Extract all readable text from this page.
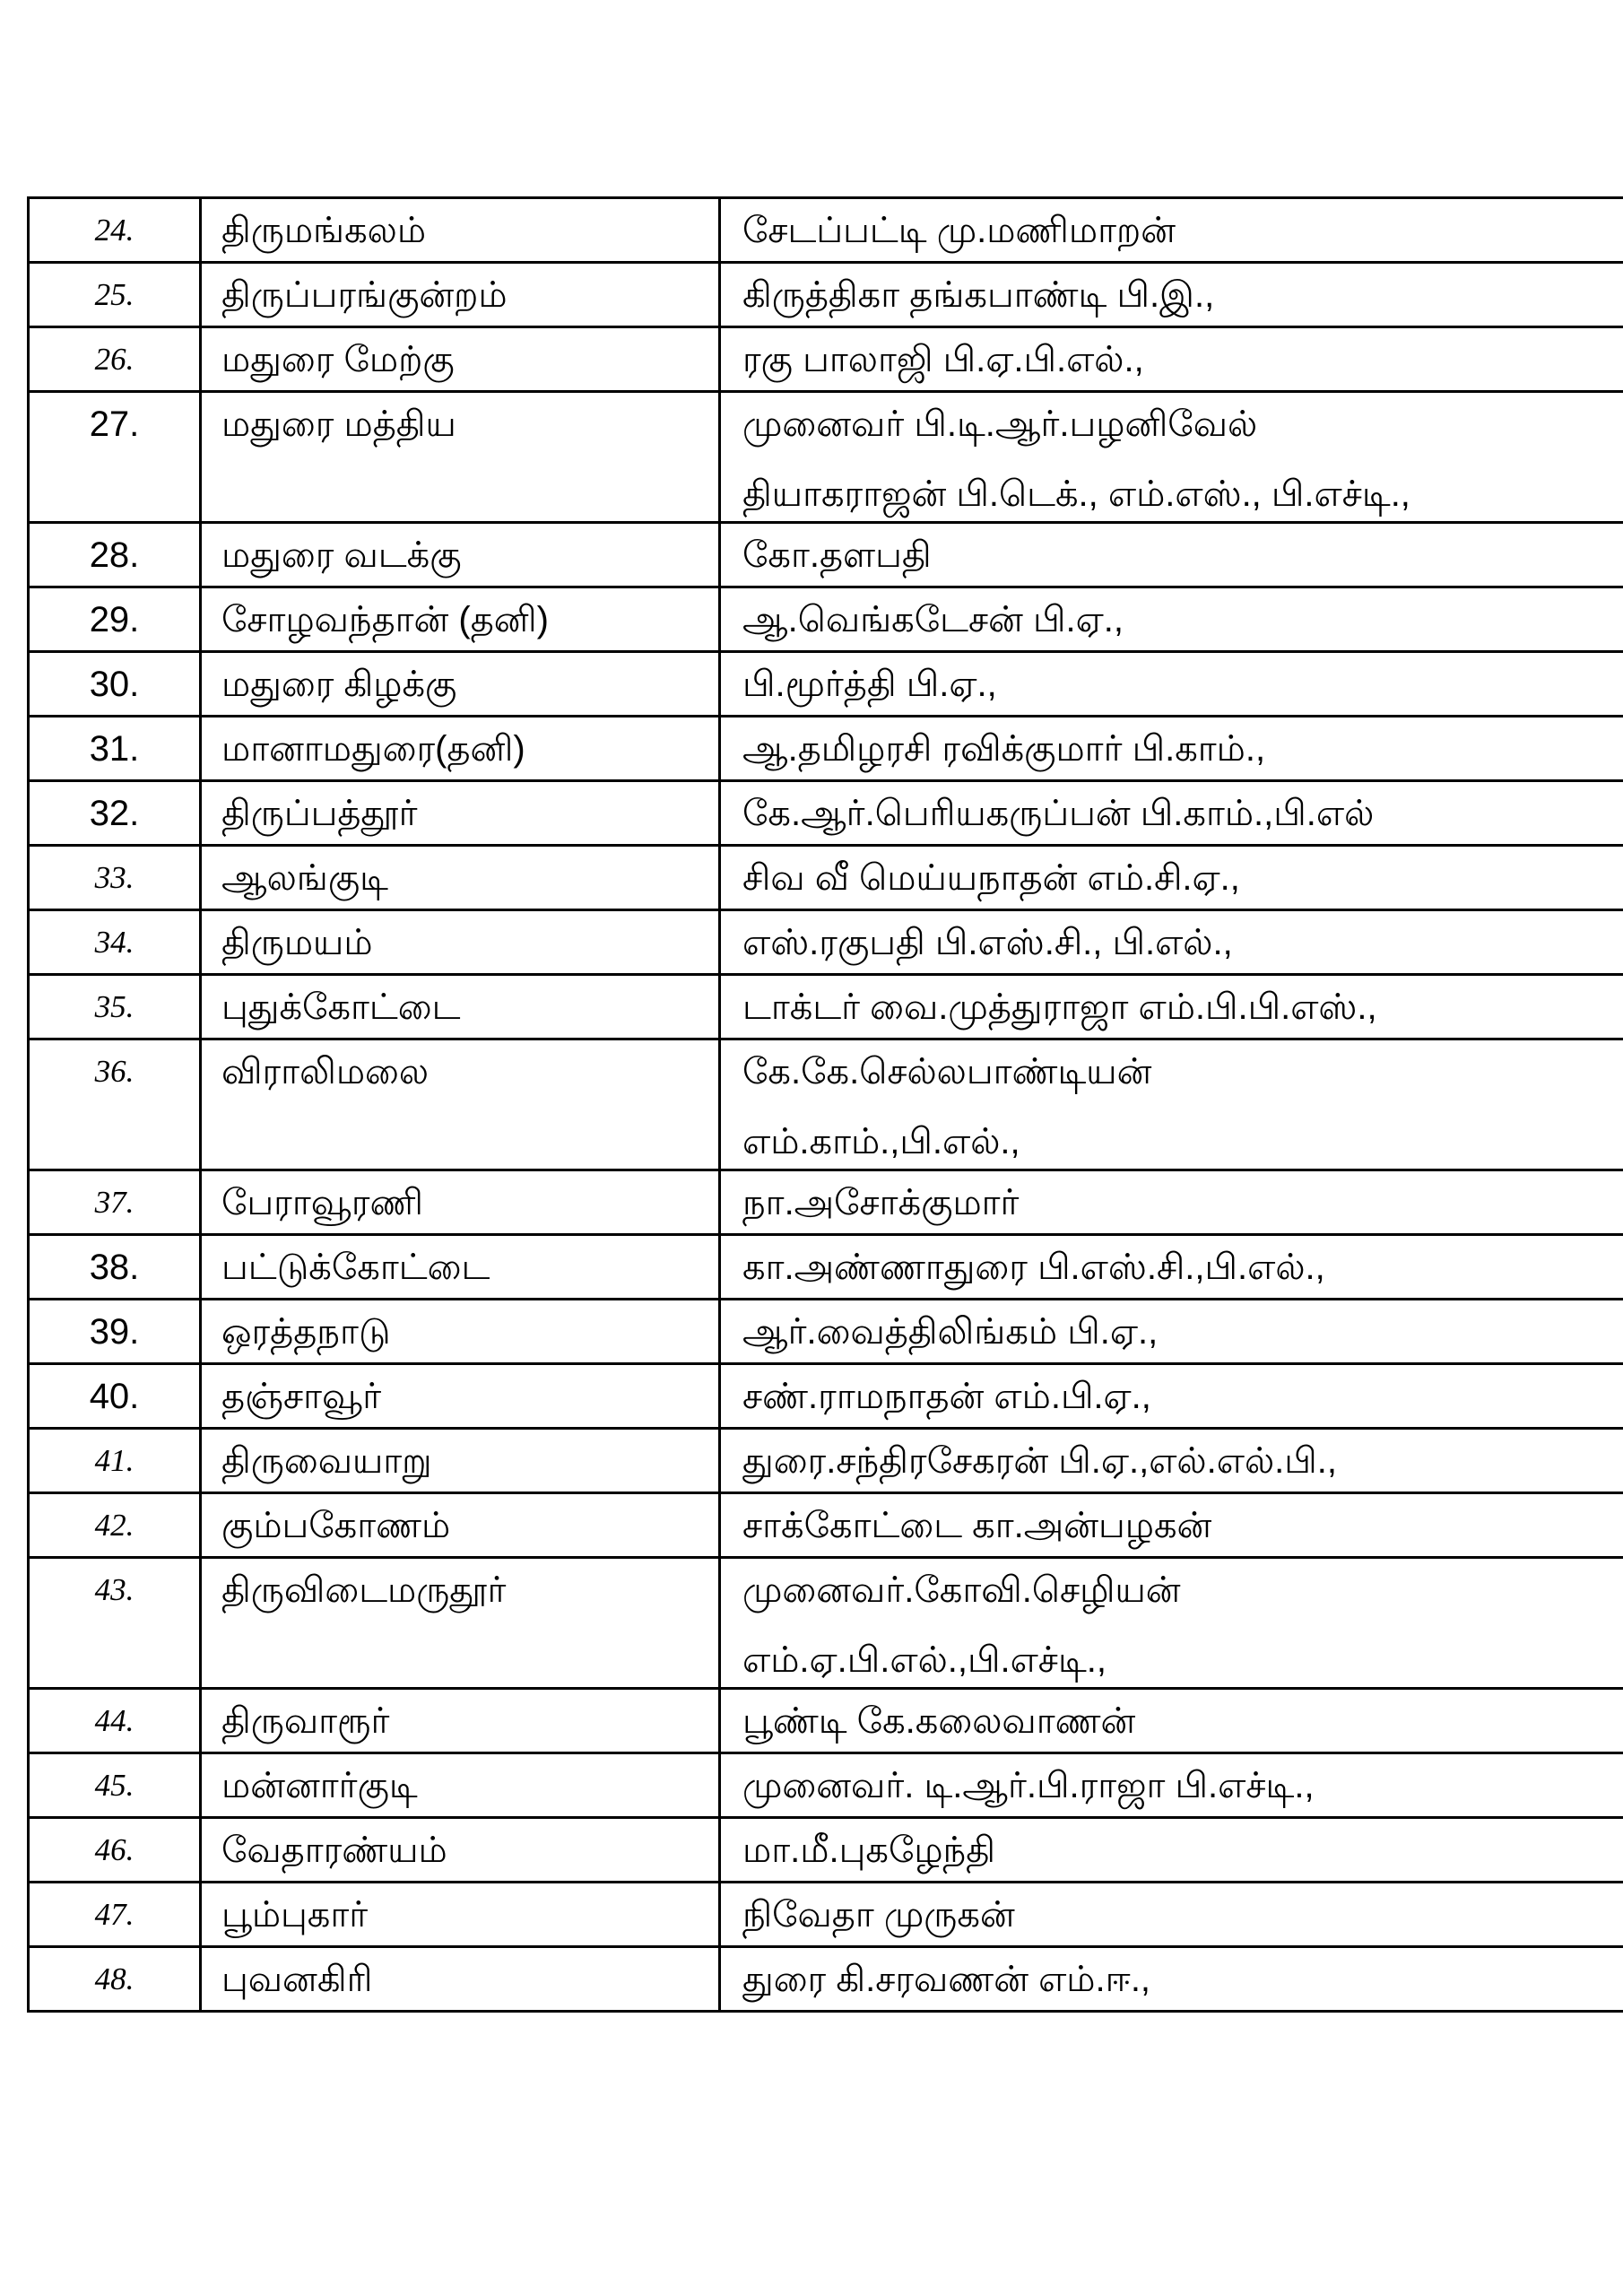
24.	திருமங்கலம்	சேடப்பட்டி மு.மணிமாறன்

25.	திருப்பரங்குன்றம்	கிருத்திகா தங்கபாண்டி பி.இ.,

26.	மதுரை மேற்கு	ரகு பாலாஜி பி.ஏ.பி.எல்.,

27.	மதுரை மத்திய	முனைவர் பி.டி.ஆர்.பழனிவேல்
தியாகராஜன் பி.டெக்., எம்.எஸ்., பி.எச்டி.,

28.	மதுரை வடக்கு	கோ.தளபதி

29.	சோழவந்தான் (தனி)	ஆ.வெங்கடேசன் பி.ஏ.,

30.	மதுரை கிழக்கு	பி.மூர்த்தி பி.ஏ.,

31.	மானாமதுரை(தனி)	ஆ.தமிழரசி ரவிக்குமார் பி.காம்.,

32.	திருப்பத்தூர்	கே.ஆர்.பெரியகருப்பன் பி.காம்.,பி.எல்

33.	ஆலங்குடி	சிவ வீ மெய்யநாதன் எம்.சி.ஏ.,

34.	திருமயம்	எஸ்.ரகுபதி பி.எஸ்.சி., பி.எல்.,

35.	புதுக்கோட்டை	டாக்டர் வை.முத்துராஜா எம்.பி.பி.எஸ்.,

36.	விராலிமலை	கே.கே.செல்லபாண்டியன்
எம்.காம்.,பி.எல்.,

37.	பேராவூரணி	நா.அசோக்குமார்

38.	பட்டுக்கோட்டை	கா.அண்ணாதுரை பி.எஸ்.சி.,பி.எல்.,

39.	ஒரத்தநாடு	ஆர்.வைத்திலிங்கம் பி.ஏ.,

40.	தஞ்சாவூர்	சண்.ராமநாதன் எம்.பி.ஏ.,

41.	திருவையாறு	துரை.சந்திரசேகரன் பி.ஏ.,எல்.எல்.பி.,

42.	கும்பகோணம்	சாக்கோட்டை கா.அன்பழகன்

43.	திருவிடைமருதூர்	முனைவர்.கோவி.செழியன்
எம்.ஏ.பி.எல்.,பி.எச்டி.,

44.	திருவாரூர்	பூண்டி கே.கலைவாணன்

45.	மன்னார்குடி	முனைவர். டி.ஆர்.பி.ராஜா பி.எச்டி.,

46.	வேதாரண்யம்	மா.மீ.புகழேந்தி

47.	பூம்புகார்	நிவேதா முருகன்

48.	புவனகிரி	துரை கி.சரவணன் எம்.ஈ.,
